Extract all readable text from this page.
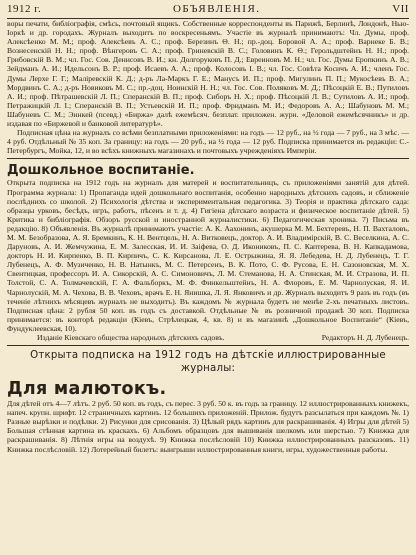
1912 г.	ОБЪЯВЛЕНІЯ.	VII

воры печати, библіографія, смѣсь, почтовый ящикъ. Собственные корреспонденты въ Парижѣ, Берлинѣ, Лондонѣ, Нью-Іоркѣ и др. городахъ. Журналъ выходитъ по воскресеньямъ. Участіе въ журналѣ принимаютъ: Чл. Думы, проф. Алексѣенко М. М.; проф. Алексѣевъ А. С.; проф. Березинъ Ѳ. Н.; пр.-доц. Боровой А. А.; проф. Варнеке Б. В.; Вознесенскій Н. Н.; проф. Вѣнгеровъ С. А.; проф. Гриневскій В. С.; Головинъ К. Ѳ.; Герольдштейнъ Н. Н.; проф. Грибовскій В. М.; чл. Гос. Сов. Денисовъ В. И.; кн. Долгоруковъ П. Д.; Евреиновъ М. Н.; чл. Гос. Думы Еропкинъ А. В.; Зейдманъ А. И.; Идельсонъ В. Р.; проф. Исаевъ А. А.; проф. Колосовъ І. В.; чл. Гос. Совѣта Косичъ А. И.; членъ Гос. Думы Лерхе Г. Г.; Маліревскій К. Д.; д-ръ Ла-Маркъ Г. Е.; Манусъ И. П.; проф. Мигулинъ П. П.; Мукосѣевъ В. А.; Мордвинъ С. А.; д-ръ Новиковъ М. С.; пр.-доц. Ноинскій Н. Н.; чл. Гос. Сов. Поляковъ М. Д.; Пѣсоцкій Е. В.; Путиловъ А. И.; проф. Пѣтрашевскій Л. П.; Сперанскій В. П.; проф. Сиборъ Н. Х.; проф. Пѣсоцкій Л. В.; Сутиловъ А. И.; проф. Петражицкій Л. І.; Сперанскій В. П.; Устьевскій И. П.; проф. Фридманъ М. И.; Федоровъ А. А.; Шабуновъ М. М.; Шабуневъ С. М.; Эннкей (псевд.) «Биржа» далѣ ежемѣсяч. безплат. приложен. журн. «Деловой ежемѣсячникъ» и др. издавая по «Биржевой и банковой литературѣ».

Подписная цѣна на журналъ со всѣми безплатными приложеніями: на годъ — 12 руб., на ½ года — 7 руб., на 3 мѣс. — 4 руб. Отдѣльный № 35 коп. За границу: на годъ — 20 руб., на ½ года — 12 руб. Подписка принимается въ редакціи: С.-Петербургъ, Мойка, 12, и во всѣхъ книжныхъ магазинахъ и почтовыхъ учрежденіяхъ Имперіи.

Дошкольное воспитаніе.

Открыта подписка на 1912 годъ на журналъ для матерей и воспитательницъ, съ приложеніями занятій для дѣтей. Программа журнала: 1) Пропаганда идей дошкольнаго воспитанія, особенно народныхъ дѣтскихъ садовъ, и сближеніе послѣднихъ со школой. 2) Психологія дѣтства и экспериментальная педагогика. 3) Теорія и практика дѣтскаго сада: образцы урковъ, бесѣдъ, игръ, работъ, пѣсенъ и т. д. 4) Гигіена дѣтскаго возраста и физическое воспитаніе дѣтей. 5) Критика и библіографія. Обзоръ русской и иностранной журналистики. 6) Педагогическая хроника. 7) Письма въ редакцію. 8) Объявленія. Въ журналѣ принимаютъ участіе: А. К. Аахонинъ, акушерка М. М. Бехтеревъ, Н. П. Вахталовъ, М. М. Безобразова, А. Я. Бремкинъ, К. Н. Вентцель, Н. А. Витковецъ, доктор. А. И. Владимірскій, В. С. Веселкина, А. С. Даруновъ, А. И. Жемчужина, Е. М. Залесская, И. И. Заіфева, О. Д. Икониковъ, П. С. Каптерева, В. Н. Капкадамова, докторъ Н. И. Кирпенко, В. П. Кирпичъ, С. К. Кирсанова, Л. Е. Острыжина, Я. Я. Лебедева, Н. Д. Лубенецъ, Т. Г. Лубенецъ, А. Ф. Музиченко, Н. В. Натынкъ, М. С. Петерсенъ, В. К. Пото, С. Ф. Русова, Е. Н. Сазоновская, М. Х. Свентицкая, профессоръ И. А. Сикорскій, А. С. Симоновичъ, Л. М. Стеманова, Н. А. Стинская, М. И. Стразова, И. П. Толстой, С. А. Толмачевскій, Г. А. Фальборкъ, М. Ф. Финкельштейнъ, Н. А. Флоровъ, Е. М. Чарнолуская, Я. И. Чарнолускій, М. А. Чехова, В. В. Чеховъ, врачъ Е. Н. Янишка, Л. Я. Янковичъ и др. Журналъ выходитъ 9 разъ въ годъ (въ теченіе лѣтнихъ мѣсяцевъ журналъ не выходитъ). Въ каждомъ № журнала будетъ не менѣе 2-хъ печатныхъ листовъ. Подписная цѣна: 2 рубля 50 коп. въ годъ съ доставкой. Отдѣльные № въ розничной продажѣ 30 коп. Подписка принимается: въ конторѣ редакціи (Кіевъ, Стрѣлецкая, 4, кв. 8) и въ магазинѣ „Дошкольное Воспитаніе“ (Кіевъ, Фундуклеевская, 10).

Изданіе Кіевскаго общества народныхъ дѣтскихъ садовъ.	Редакторъ Н. Д. Лубенецъ.
Открыта подписка на 1912 годъ на дѣтскіе иллюстрированные журналы:
Для малютокъ.

Для дѣтей отъ 4—7 лѣтъ. 2 руб. 50 коп. въ годъ, съ перес. 3 руб. 50 к. въ годъ за границу. 12 иллюстрированныхъ книжекъ, напеч. крупн. шрифт. 12 страничныхъ картинъ. 12 большихъ приложеній. Прилож. будутъ разсылаться при каждомъ №. 1) Разные вырѣзки и подѣлки. 2) Рисунки для срисованія. 3) Цѣлый рядъ картинъ для раскрашиванія. 4) Игры для дѣтей 5) Большая стѣнная картина въ краскахъ. 6) Альбомъ образцовъ для вышиванія шелкомъ или шерстью. 7) Книжка для раскрашиванія. 8) Лѣтнія игры на воздухѣ. 9) Книжка послѣсловій 10) Книжка иллюстрированныхъ разсказовъ. 11) Книжка послѣсловій. 12) Лотерейный билетъ: выигрыши иллюстрированныя книги, игры, художественныя работы.
